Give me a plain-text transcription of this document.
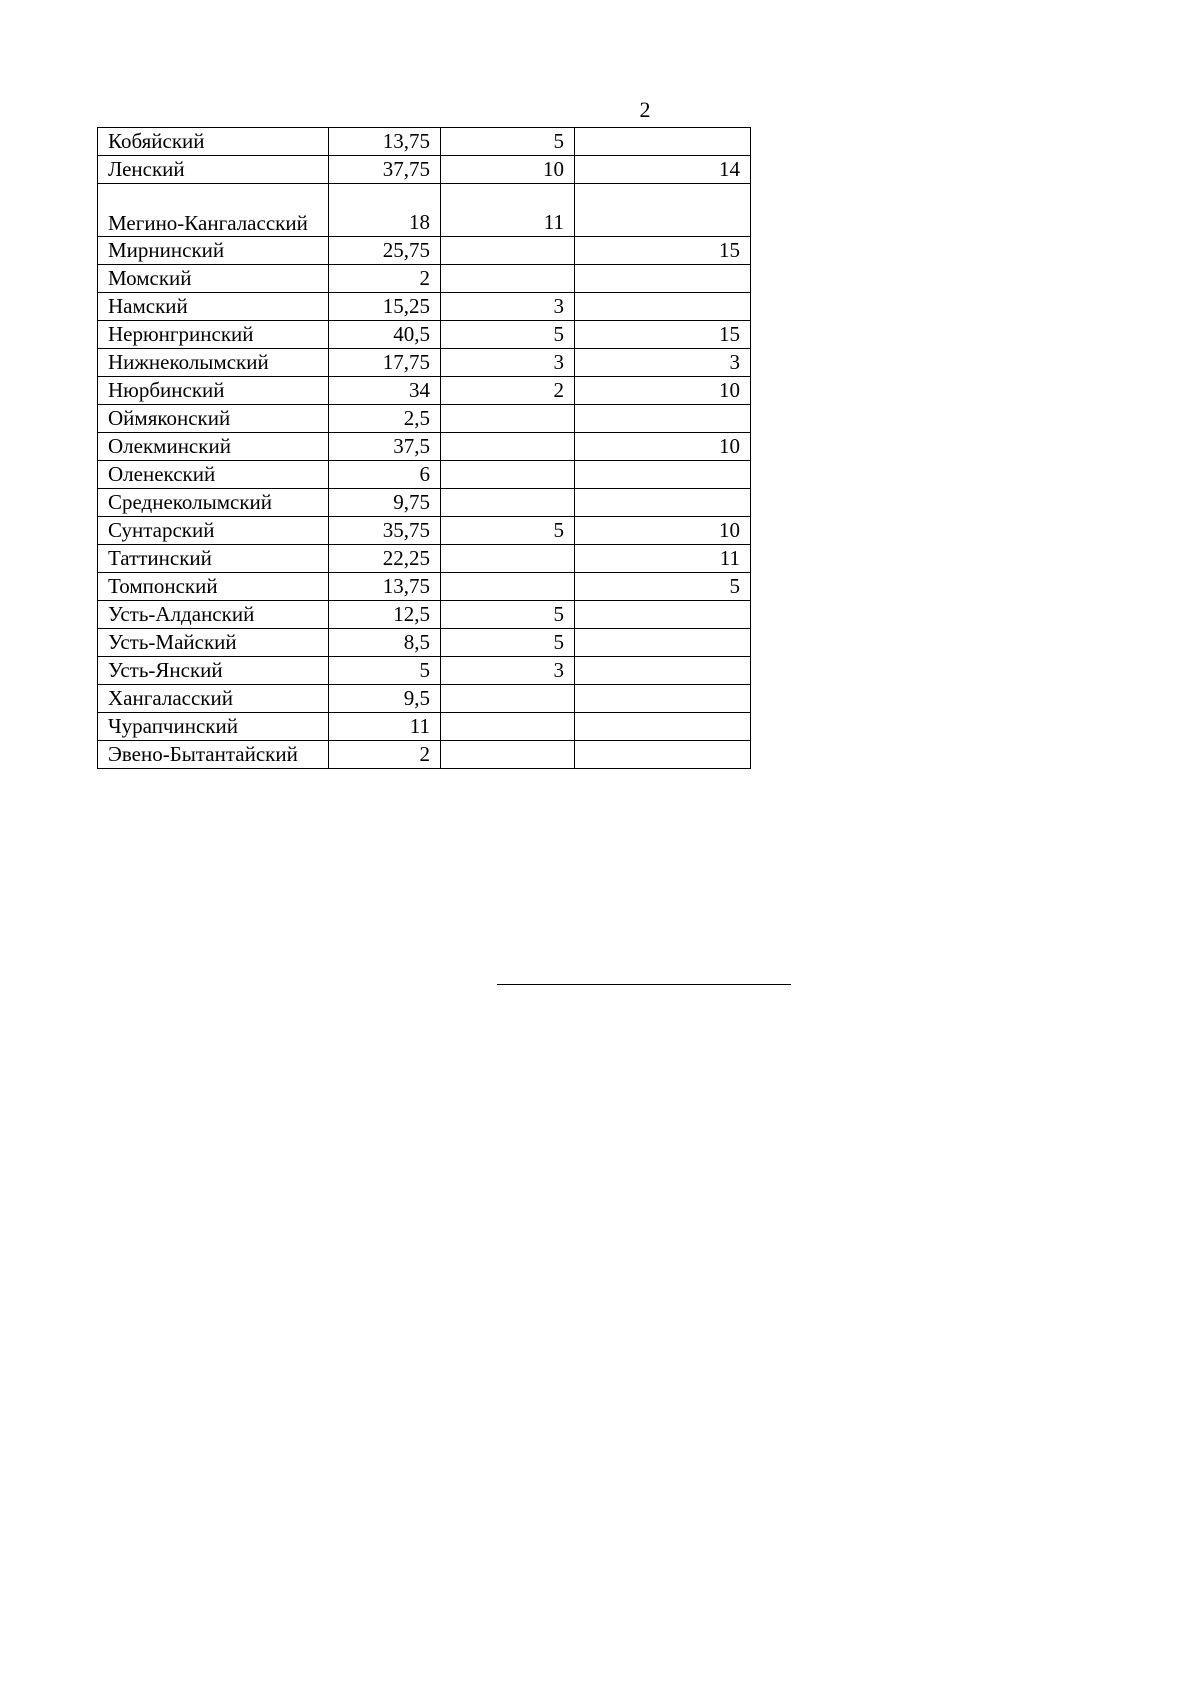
2
Кобяйский	13,75	5	
Ленский	37,75	10	14
Мегино-Кангаласский	18	11	
Мирнинский	25,75		15
Момский	2		
Намский	15,25	3	
Нерюнгринский	40,5	5	15
Нижнеколымский	17,75	3	3
Нюрбинский	34	2	10
Оймяконский	2,5		
Олекминский	37,5		10
Оленекский	6		
Среднеколымский	9,75		
Сунтарский	35,75	5	10
Таттинский	22,25		11
Томпонский	13,75		5
Усть-Алданский	12,5	5	
Усть-Майский	8,5	5	
Усть-Янский	5	3	
Хангаласский	9,5		
Чурапчинский	11		
Эвено-Бытантайский	2		
